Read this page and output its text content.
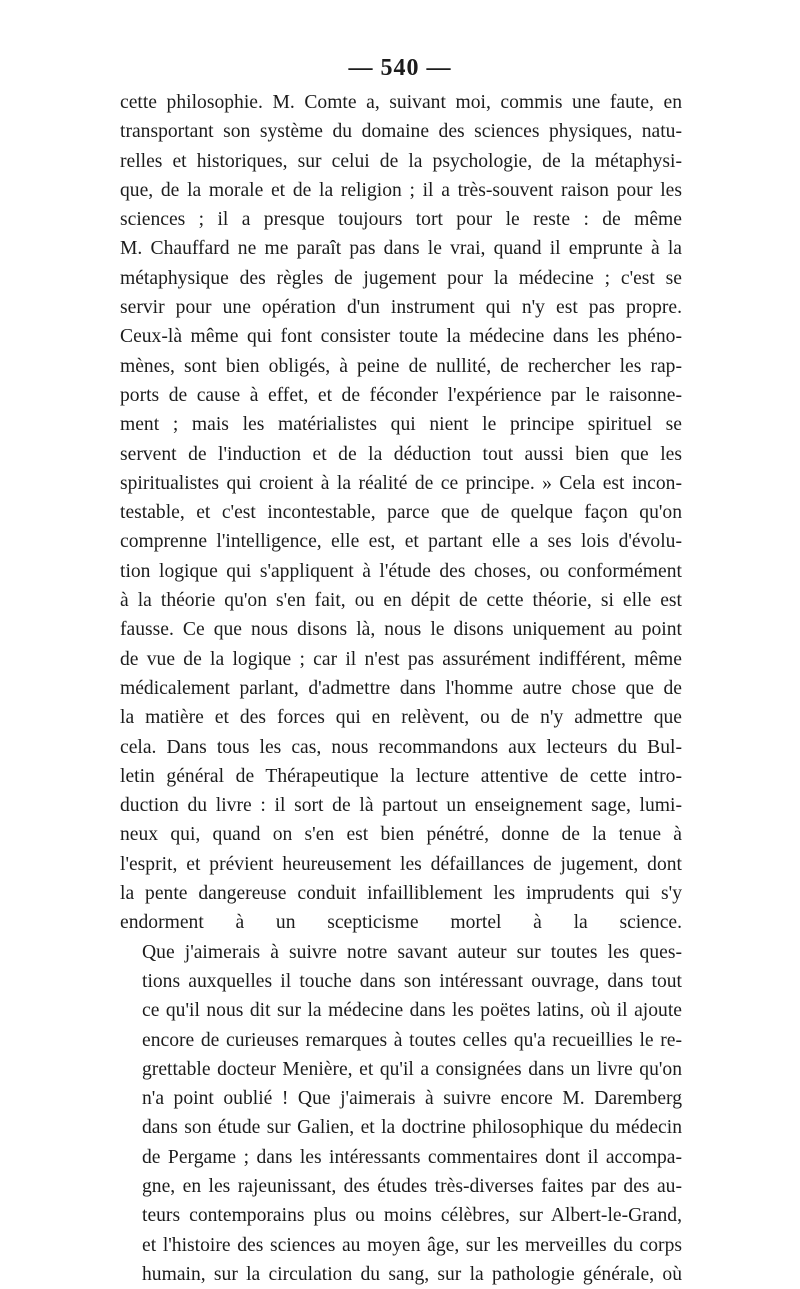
— 540 —

cette philosophie. M. Comte a, suivant moi, commis une faute, en
transportant son système du domaine des sciences physiques, natu-
relles et historiques, sur celui de la psychologie, de la métaphysi-
que, de la morale et de la religion ; il a très-souvent raison pour les
sciences ; il a presque toujours tort pour le reste : de même
M. Chauffard ne me paraît pas dans le vrai, quand il emprunte à la
métaphysique des règles de jugement pour la médecine ; c'est se
servir pour une opération d'un instrument qui n'y est pas propre.
Ceux-là même qui font consister toute la médecine dans les phéno-
mènes, sont bien obligés, à peine de nullité, de rechercher les rap-
ports de cause à effet, et de féconder l'expérience par le raisonne-
ment ; mais les matérialistes qui nient le principe spirituel se
servent de l'induction et de la déduction tout aussi bien que les
spiritualistes qui croient à la réalité de ce principe. » Cela est incon-
testable, et c'est incontestable, parce que de quelque façon qu'on
comprenne l'intelligence, elle est, et partant elle a ses lois d'évolu-
tion logique qui s'appliquent à l'étude des choses, ou conformément
à la théorie qu'on s'en fait, ou en dépit de cette théorie, si elle est
fausse. Ce que nous disons là, nous le disons uniquement au point
de vue de la logique ; car il n'est pas assurément indifférent, même
médicalement parlant, d'admettre dans l'homme autre chose que de
la matière et des forces qui en relèvent, ou de n'y admettre que
cela. Dans tous les cas, nous recommandons aux lecteurs du Bul-
letin général de Thérapeutique la lecture attentive de cette intro-
duction du livre : il sort de là partout un enseignement sage, lumi-
neux qui, quand on s'en est bien pénétré, donne de la tenue à
l'esprit, et prévient heureusement les défaillances de jugement, dont
la pente dangereuse conduit infailliblement les imprudents qui s'y
endorment à un scepticisme mortel à la science.

Que j'aimerais à suivre notre savant auteur sur toutes les ques-
tions auxquelles il touche dans son intéressant ouvrage, dans tout
ce qu'il nous dit sur la médecine dans les poëtes latins, où il ajoute
encore de curieuses remarques à toutes celles qu'a recueillies le re-
grettable docteur Menière, et qu'il a consignées dans un livre qu'on
n'a point oublié ! Que j'aimerais à suivre encore M. Daremberg
dans son étude sur Galien, et la doctrine philosophique du médecin
de Pergame ; dans les intéressants commentaires dont il accompa-
gne, en les rajeunissant, des études très-diverses faites par des au-
teurs contemporains plus ou moins célèbres, sur Albert-le-Grand,
et l'histoire des sciences au moyen âge, sur les merveilles du corps
humain, sur la circulation du sang, sur la pathologie générale, où
